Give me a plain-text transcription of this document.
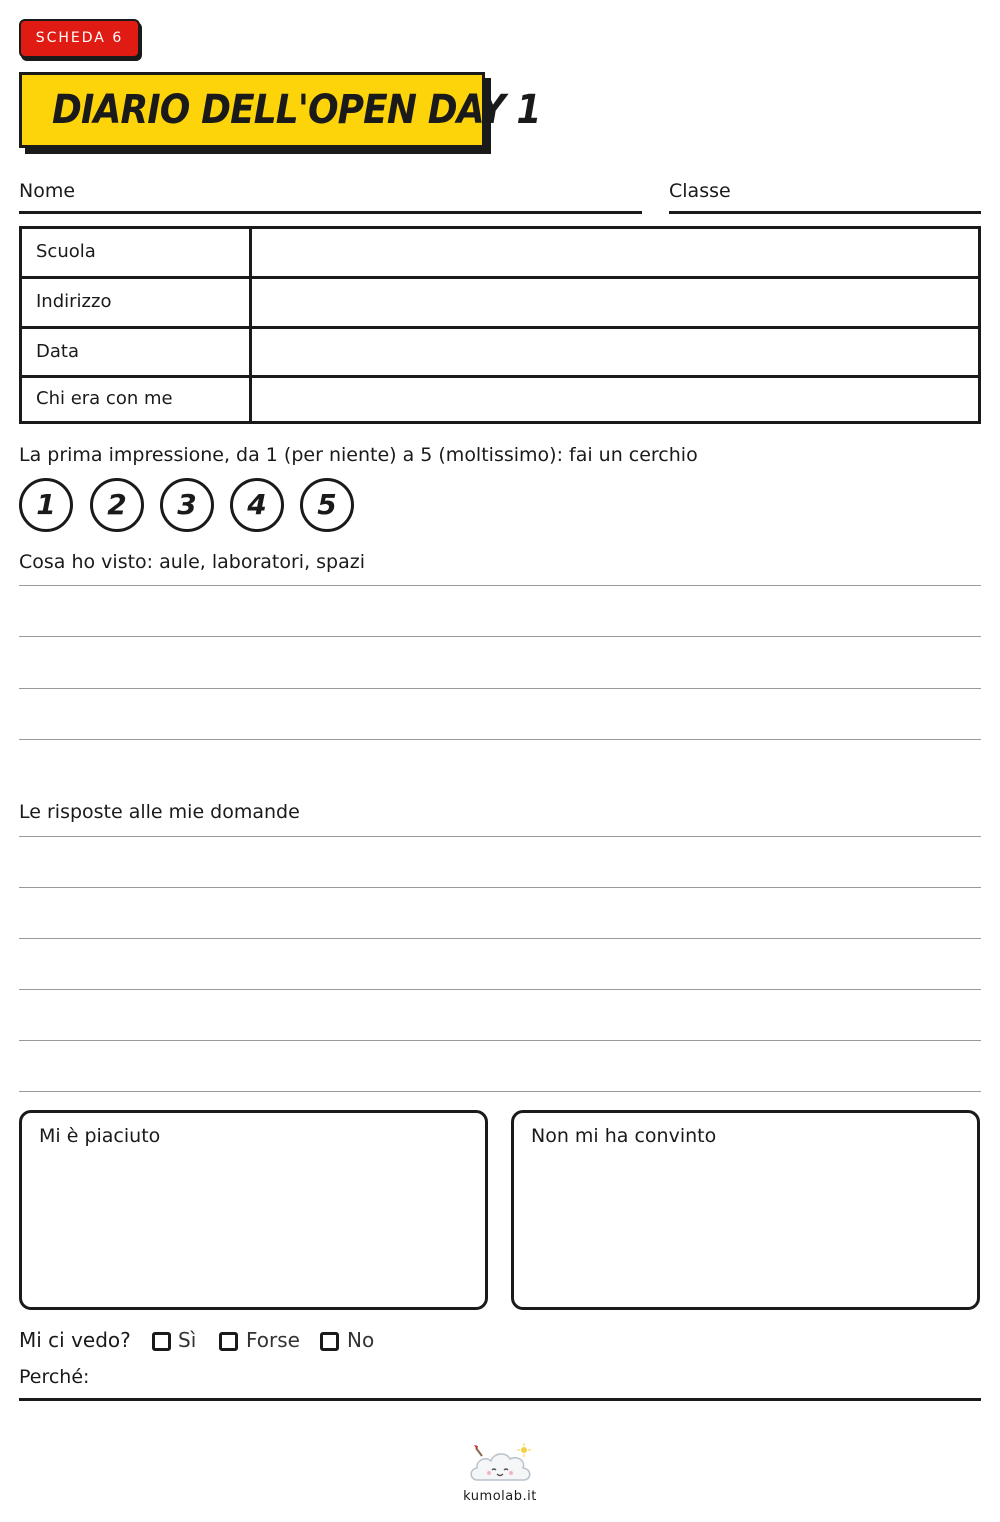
SCHEDA 6
DIARIO DELL'OPEN DAY 1
Nome	Classe
Scuola
Indirizzo
Data
Chi era con me
La prima impressione, da 1 (per niente) a 5 (moltissimo): fai un cerchio
1	2	3	4	5
Cosa ho visto: aule, laboratori, spazi
Le risposte alle mie domande
Mi è piaciuto	Non mi ha convinto
Mi ci vedo? Sì Forse No
Perché:
kumolab.it
